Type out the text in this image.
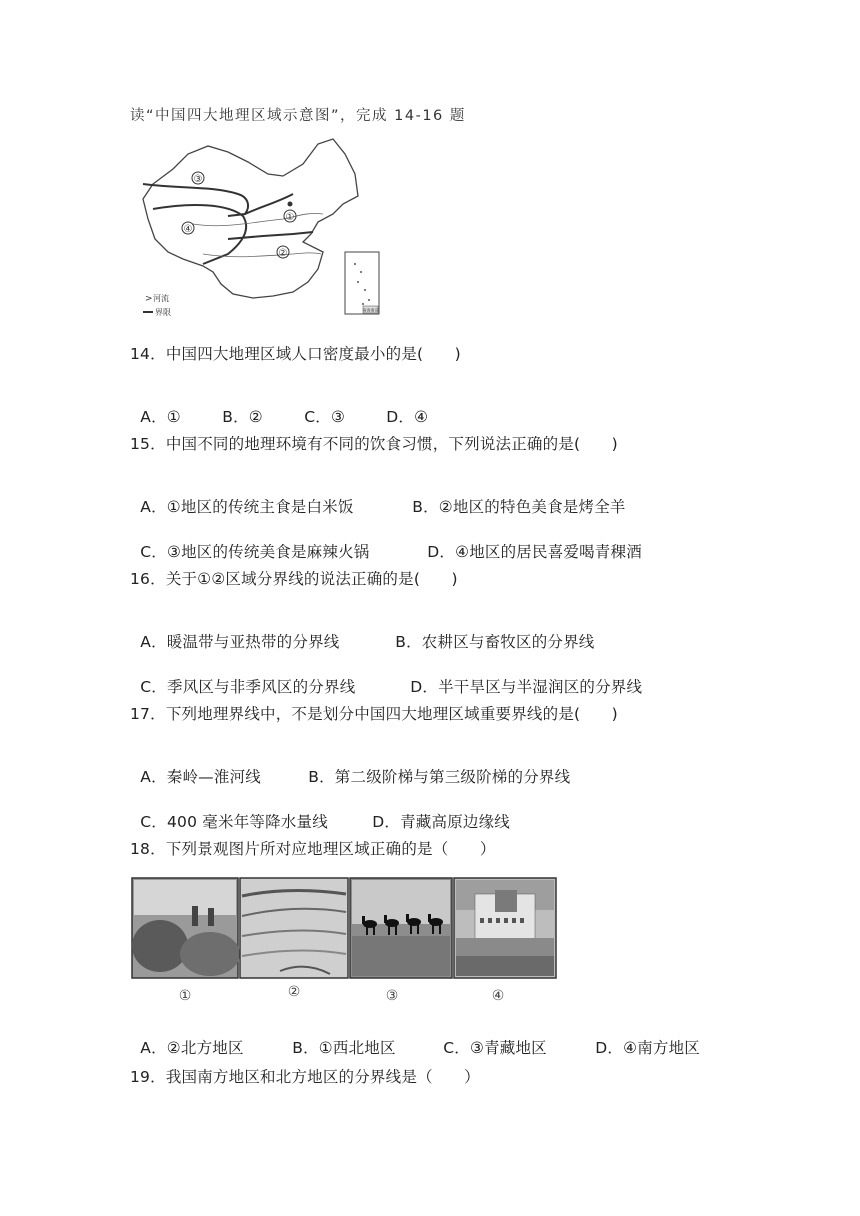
读“中国四大地理区域示意图”，完成 14-16 题
③
④
①
②
南海诸岛
> 河流
界限
14．中国四大地理区域人口密度最小的是(　　)

A．①	B．②	C．③	D．④

15．中国不同的地理环境有不同的饮食习惯，下列说法正确的是(　　)

A．①地区的传统主食是白米饭	B．②地区的特色美食是烤全羊

C．③地区的传统美食是麻辣火锅	D．④地区的居民喜爱喝青稞酒

16．关于①②区域分界线的说法正确的是(　　)

A．暖温带与亚热带的分界线	B．农耕区与畜牧区的分界线

C．季风区与非季风区的分界线	D．半干旱区与半湿润区的分界线

17．下列地理界线中，不是划分中国四大地理区域重要界线的是(　　)

A．秦岭—淮河线	B．第二级阶梯与第三级阶梯的分界线

C．400 毫米年等降水量线	D．青藏高原边缘线

18．下列景观图片所对应地理区域正确的是（　　）
①	②	③	④

A．②北方地区	B．①西北地区	C．③青藏地区	D．④南方地区

19．我国南方地区和北方地区的分界线是（　　）
